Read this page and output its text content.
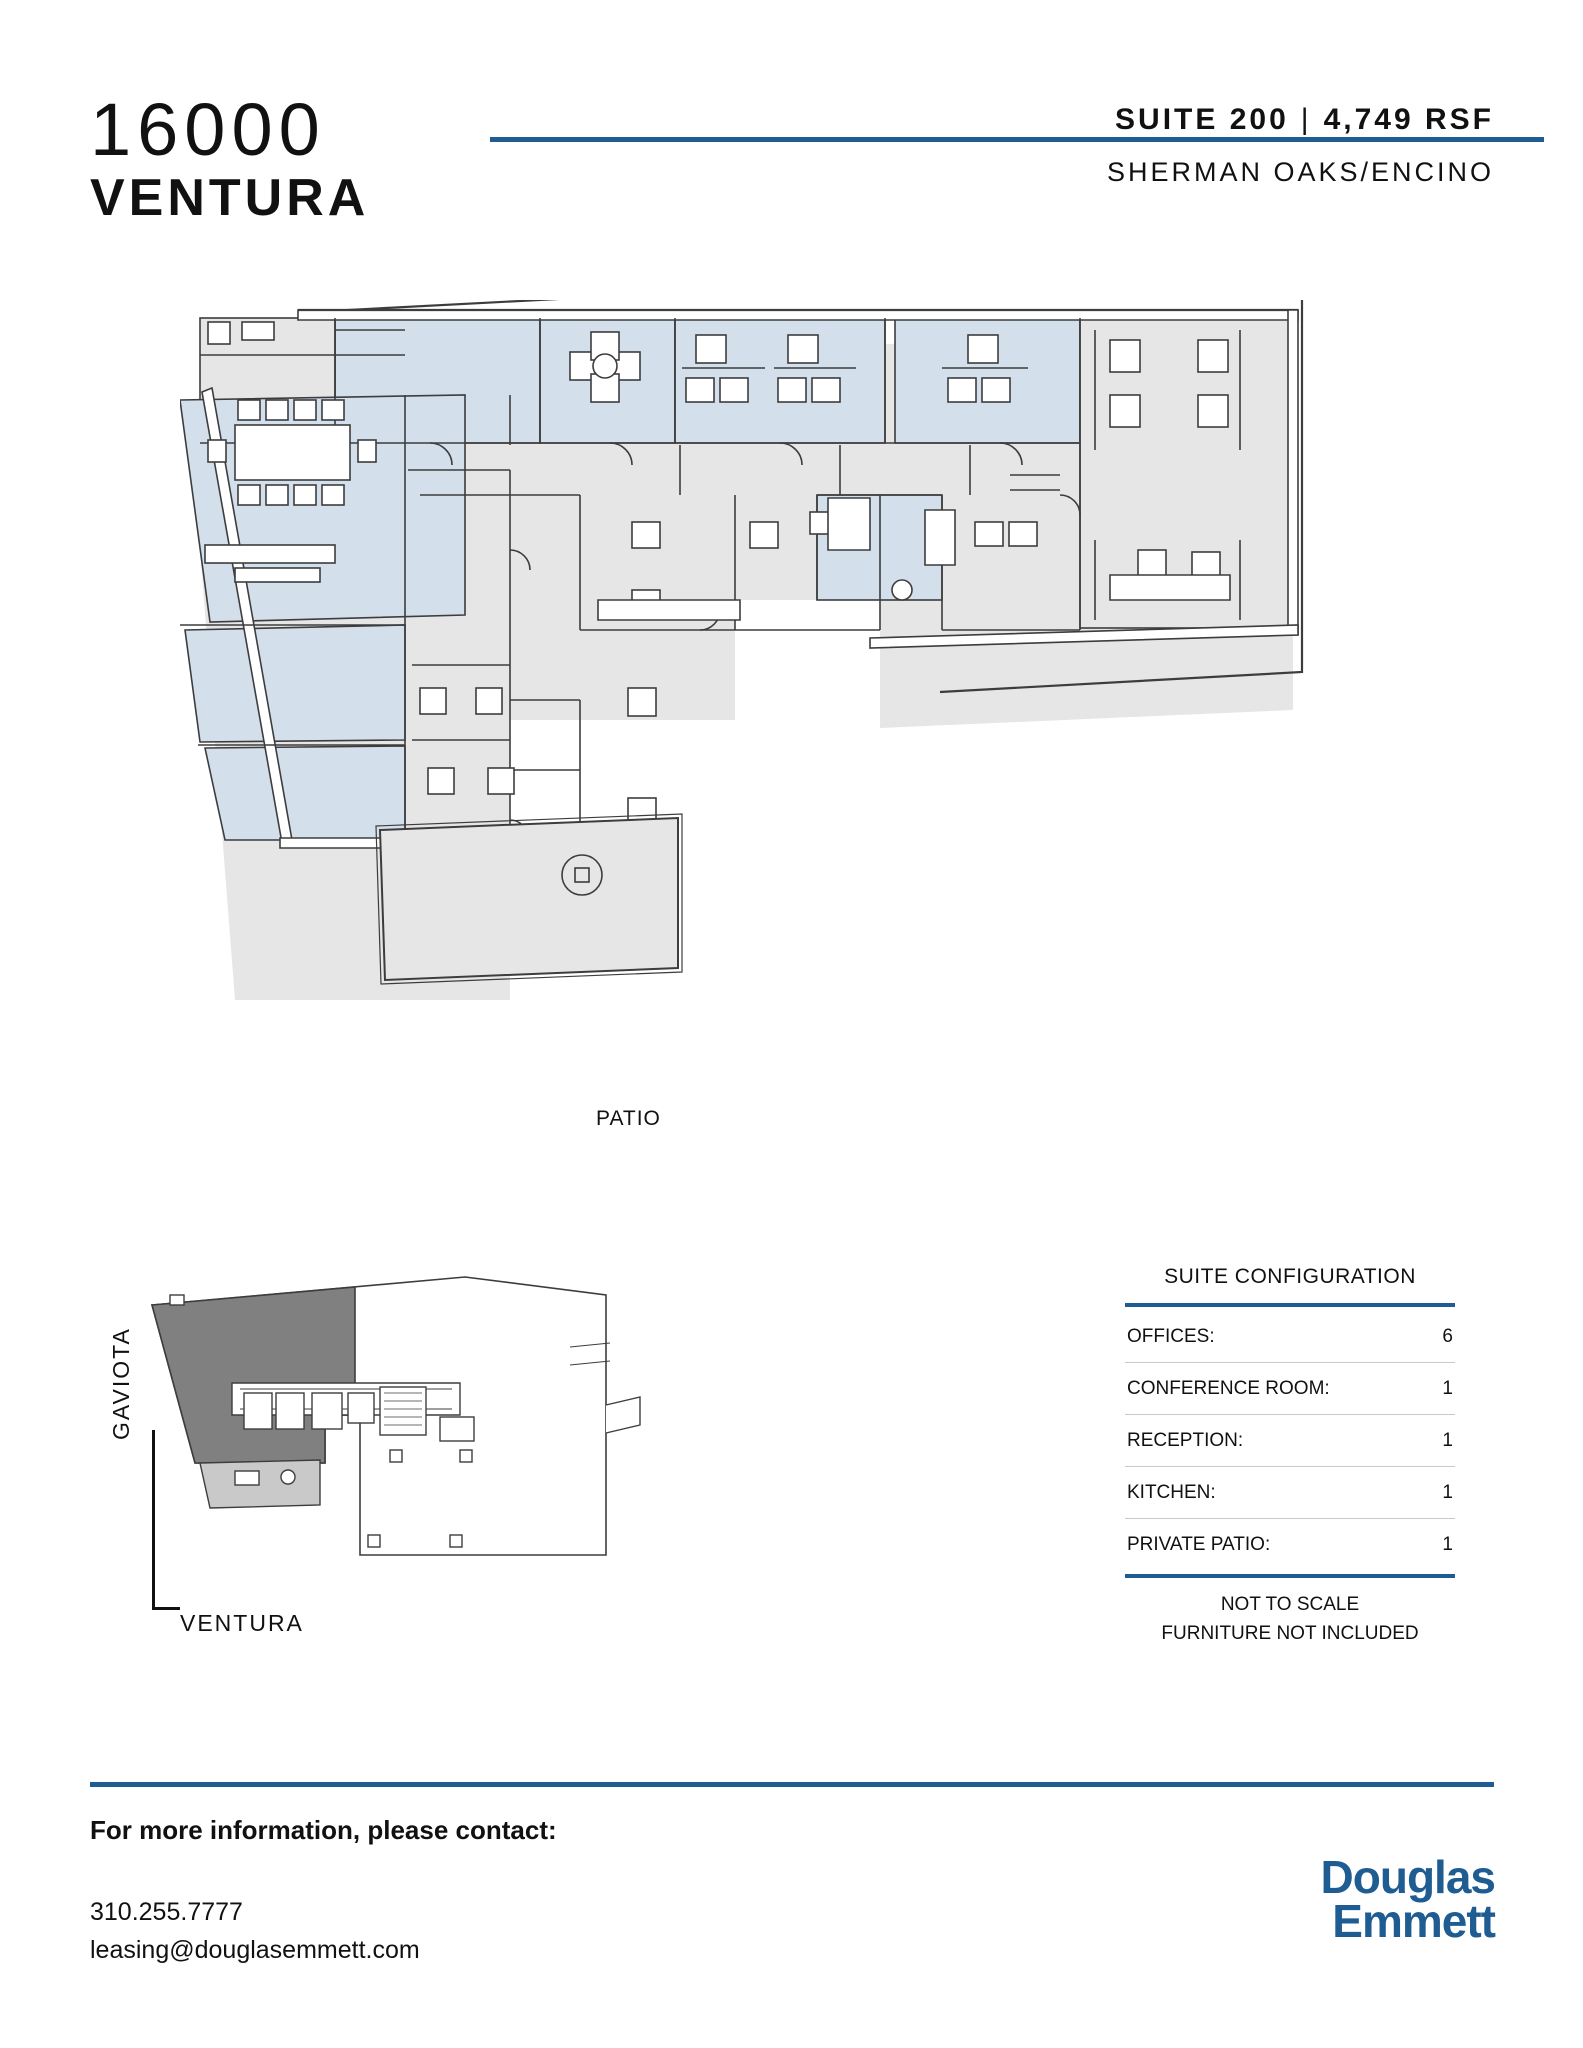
16000
VENTURA
SUITE 200 | 4,749 RSF
SHERMAN OAKS/ENCINO
PATIO
GAVIOTA
VENTURA
SUITE CONFIGURATION
OFFICES:	6
CONFERENCE ROOM:	1
RECEPTION:	1
KITCHEN:	1
PRIVATE PATIO:	1
NOT TO SCALE
FURNITURE NOT INCLUDED
For more information, please contact:
310.255.7777
leasing@douglasemmett.com
Douglas
Emmett
